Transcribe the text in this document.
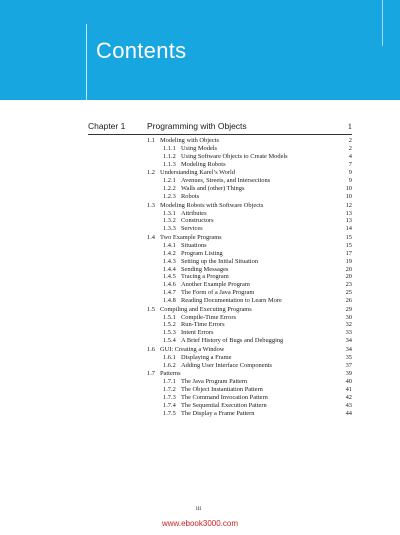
Contents
Chapter 1	Programming with Objects	1
1.1 Modeling with Objects	2
1.1.1 Using Models	2
1.1.2 Using Software Objects to Create Models	4
1.1.3 Modeling Robots	7
1.2 Understanding Karel’s World	9
1.2.1 Avenues, Streets, and Intersections	9
1.2.2 Walls and (other) Things	10
1.2.3 Robots	10
1.3 Modeling Robots with Software Objects	12
1.3.1 Attributes	13
1.3.2 Constructors	13
1.3.3 Services	14
1.4 Two Example Programs	15
1.4.1 Situations	15
1.4.2 Program Listing	17
1.4.3 Setting up the Initial Situation	19
1.4.4 Sending Messages	20
1.4.5 Tracing a Program	20
1.4.6 Another Example Program	23
1.4.7 The Form of a Java Program	25
1.4.8 Reading Documentation to Learn More	26
1.5 Compiling and Executing Programs	29
1.5.1 Compile-Time Errors	30
1.5.2 Run-Time Errors	32
1.5.3 Intent Errors	33
1.5.4 A Brief History of Bugs and Debugging	34
1.6 GUI: Creating a Window	34
1.6.1 Displaying a Frame	35
1.6.2 Adding User Interface Components	37
1.7 Patterns	39
1.7.1 The Java Program Pattern	40
1.7.2 The Object Instantiation Pattern	41
1.7.3 The Command Invocation Pattern	42
1.7.4 The Sequential Execution Pattern	43
1.7.5 The Display a Frame Pattern	44
iii
www.ebook3000.com
